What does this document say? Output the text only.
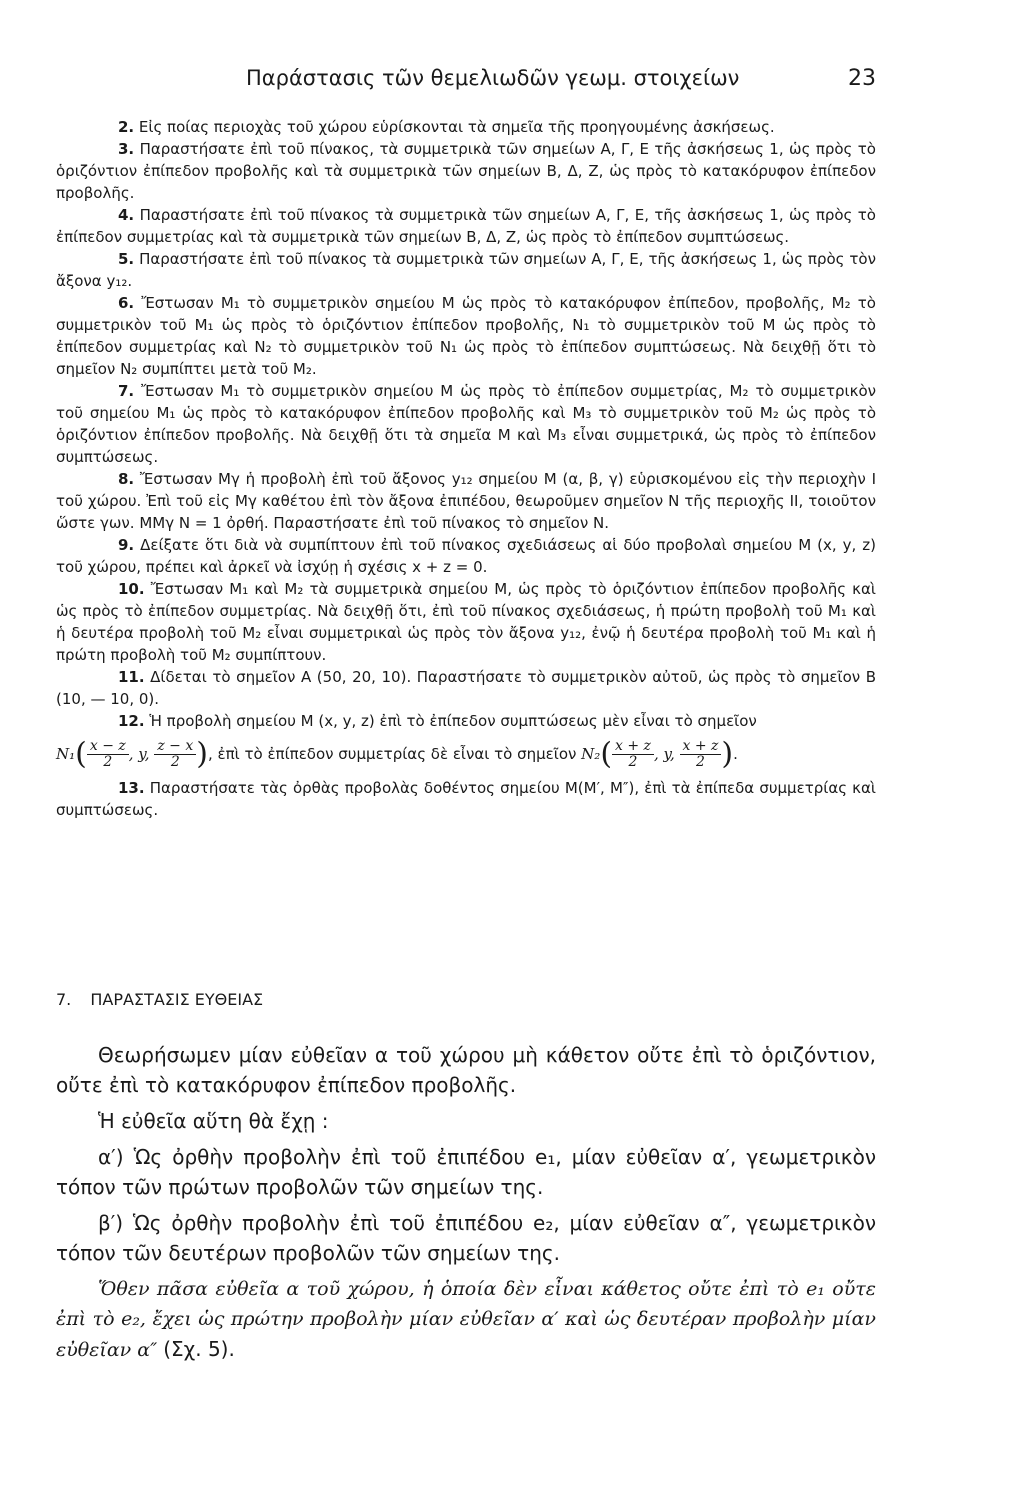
Παράστασις τῶν θεμελιωδῶν γεωμ. στοιχείων	23

2. Εἰς ποίας περιοχὰς τοῦ χώρου εὑρίσκονται τὰ σημεῖα τῆς προηγουμένης ἀσκήσεως.

3. Παραστήσατε ἐπὶ τοῦ πίνακος, τὰ συμμετρικὰ τῶν σημείων A, Γ, E τῆς ἀσκήσεως 1, ὡς πρὸς τὸ ὁριζόντιον ἐπίπεδον προβολῆς καὶ τὰ συμμετρικὰ τῶν σημείων B, Δ, Z, ὡς πρὸς τὸ κατακόρυφον ἐπίπεδον προβολῆς.

4. Παραστήσατε ἐπὶ τοῦ πίνακος τὰ συμμετρικὰ τῶν σημείων A, Γ, E, τῆς ἀσκήσεως 1, ὡς πρὸς τὸ ἐπίπεδον συμμετρίας καὶ τὰ συμμετρικὰ τῶν σημείων B, Δ, Z, ὡς πρὸς τὸ ἐπίπεδον συμπτώσεως.

5. Παραστήσατε ἐπὶ τοῦ πίνακος τὰ συμμετρικὰ τῶν σημείων A, Γ, E, τῆς ἀσκήσεως 1, ὡς πρὸς τὸν ἄξονα y₁₂.

6. Ἔστωσαν M₁ τὸ συμμετρικὸν σημείου M ὡς πρὸς τὸ κατακόρυφον ἐπίπεδον, προβολῆς, M₂ τὸ συμμετρικὸν τοῦ M₁ ὡς πρὸς τὸ ὁριζόντιον ἐπίπεδον προβολῆς, N₁ τὸ συμμετρικὸν τοῦ M ὡς πρὸς τὸ ἐπίπεδον συμμετρίας καὶ N₂ τὸ συμμετρικὸν τοῦ N₁ ὡς πρὸς τὸ ἐπίπεδον συμπτώσεως. Νὰ δειχθῇ ὅτι τὸ σημεῖον N₂ συμπίπτει μετὰ τοῦ M₂.

7. Ἔστωσαν M₁ τὸ συμμετρικὸν σημείου M ὡς πρὸς τὸ ἐπίπεδον συμμετρίας, M₂ τὸ συμμετρικὸν τοῦ σημείου M₁ ὡς πρὸς τὸ κατακόρυφον ἐπίπεδον προβολῆς καὶ M₃ τὸ συμμετρικὸν τοῦ M₂ ὡς πρὸς τὸ ὁριζόντιον ἐπίπεδον προβολῆς. Νὰ δειχθῇ ὅτι τὰ σημεῖα M καὶ M₃ εἶναι συμμετρικά, ὡς πρὸς τὸ ἐπίπεδον συμπτώσεως.

8. Ἔστωσαν Mγ ἡ προβολὴ ἐπὶ τοῦ ἄξονος y₁₂ σημείου M (α, β, γ) εὑρισκομένου εἰς τὴν περιοχὴν I τοῦ χώρου. Ἐπὶ τοῦ εἰς Mγ καθέτου ἐπὶ τὸν ἄξονα ἐπιπέδου, θεωροῦμεν σημεῖον N τῆς περιοχῆς II, τοιοῦτον ὥστε γων. MMγ N = 1 ὀρθή. Παραστήσατε ἐπὶ τοῦ πίνακος τὸ σημεῖον N.

9. Δείξατε ὅτι διὰ νὰ συμπίπτουν ἐπὶ τοῦ πίνακος σχεδιάσεως αἱ δύο προβολαὶ σημείου M (x, y, z) τοῦ χώρου, πρέπει καὶ ἀρκεῖ νὰ ἰσχύῃ ἡ σχέσις x + z = 0.

10. Ἔστωσαν M₁ καὶ M₂ τὰ συμμετρικὰ σημείου M, ὡς πρὸς τὸ ὁριζόντιον ἐπίπεδον προβολῆς καὶ ὡς πρὸς τὸ ἐπίπεδον συμμετρίας. Νὰ δειχθῇ ὅτι, ἐπὶ τοῦ πίνακος σχεδιάσεως, ἡ πρώτη προβολὴ τοῦ M₁ καὶ ἡ δευτέρα προβολὴ τοῦ M₂ εἶναι συμμετρικαὶ ὡς πρὸς τὸν ἄξονα y₁₂, ἐνῷ ἡ δευτέρα προβολὴ τοῦ M₁ καὶ ἡ πρώτη προβολὴ τοῦ M₂ συμπίπτουν.

11. Δίδεται τὸ σημεῖον A (50, 20, 10). Παραστήσατε τὸ συμμετρικὸν αὐτοῦ, ὡς πρὸς τὸ σημεῖον B (10, — 10, 0).

12. Ἡ προβολὴ σημείου M (x, y, z) ἐπὶ τὸ ἐπίπεδον συμπτώσεως μὲν εἶναι τὸ σημεῖον

$N_1( \frac{x - z}{2}$ , y, $\frac{z - x}{2}$ ), ἐπὶ τὸ ἐπίπεδον συμμετρίας δὲ εἶναι τὸ σημεῖον $N_2( \frac{x + z}{2}$ , y, $\frac{x + z}{2}$ ).

13. Παραστήσατε τὰς ὀρθὰς προβολὰς δοθέντος σημείου M(M′, M″), ἐπὶ τὰ ἐπίπεδα συμμετρίας καὶ συμπτώσεως.

7. ΠΑΡΑΣΤΑΣΙΣ ΕΥΘΕΙΑΣ

Θεωρήσωμεν μίαν εὐθεῖαν α τοῦ χώρου μὴ κάθετον οὔτε ἐπὶ τὸ ὁριζόντιον, οὔτε ἐπὶ τὸ κατακόρυφον ἐπίπεδον προβολῆς.

Ἡ εὐθεῖα αὕτη θὰ ἔχῃ :

α′) Ὡς ὀρθὴν προβολὴν ἐπὶ τοῦ ἐπιπέδου e₁, μίαν εὐθεῖαν α′, γεωμετρικὸν τόπον τῶν πρώτων προβολῶν τῶν σημείων της.

β′) Ὡς ὀρθὴν προβολὴν ἐπὶ τοῦ ἐπιπέδου e₂, μίαν εὐθεῖαν α″, γεωμετρικὸν τόπον τῶν δευτέρων προβολῶν τῶν σημείων της.

Ὅθεν πᾶσα εὐθεῖα α τοῦ χώρου, ἡ ὁποία δὲν εἶναι κάθετος οὔτε ἐπὶ τὸ e₁ οὔτε ἐπὶ τὸ e₂, ἔχει ὡς πρώτην προβολὴν μίαν εὐθεῖαν α′ καὶ ὡς δευτέραν προβολὴν μίαν εὐθεῖαν α″ (Σχ. 5).
